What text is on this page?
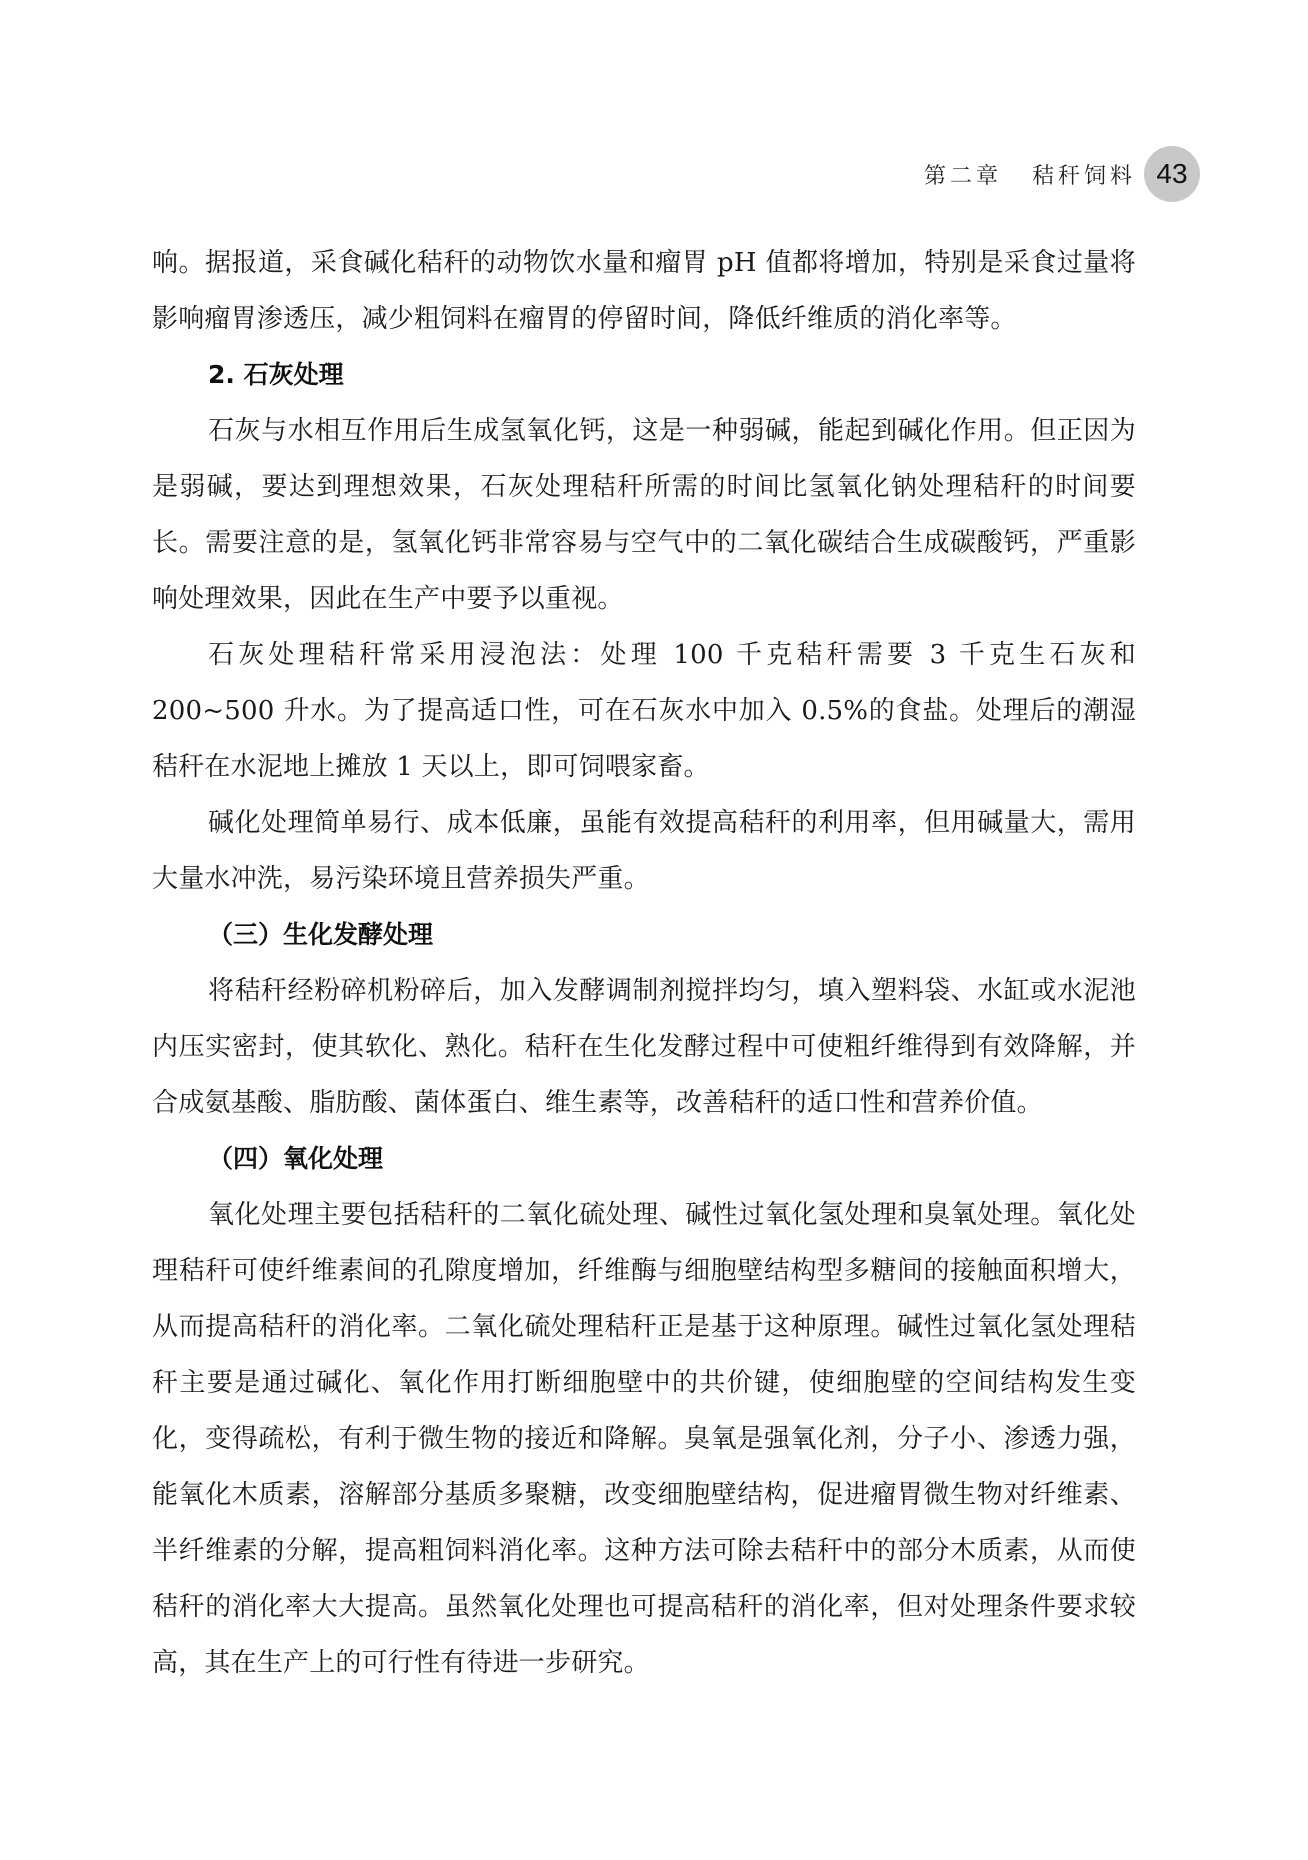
第二章 秸秆饲料 43

响。据报道，采食碱化秸秆的动物饮水量和瘤胃 pH 值都将增加，特别是采食过量将影响瘤胃渗透压，减少粗饲料在瘤胃的停留时间，降低纤维质的消化率等。

2. 石灰处理

石灰与水相互作用后生成氢氧化钙，这是一种弱碱，能起到碱化作用。但正因为是弱碱，要达到理想效果，石灰处理秸秆所需的时间比氢氧化钠处理秸秆的时间要长。需要注意的是，氢氧化钙非常容易与空气中的二氧化碳结合生成碳酸钙，严重影响处理效果，因此在生产中要予以重视。

石灰处理秸秆常采用浸泡法：处理 100 千克秸秆需要 3 千克生石灰和 200~500 升水。为了提高适口性，可在石灰水中加入 0.5%的食盐。处理后的潮湿秸秆在水泥地上摊放 1 天以上，即可饲喂家畜。

碱化处理简单易行、成本低廉，虽能有效提高秸秆的利用率，但用碱量大，需用大量水冲洗，易污染环境且营养损失严重。

（三）生化发酵处理

将秸秆经粉碎机粉碎后，加入发酵调制剂搅拌均匀，填入塑料袋、水缸或水泥池内压实密封，使其软化、熟化。秸秆在生化发酵过程中可使粗纤维得到有效降解，并合成氨基酸、脂肪酸、菌体蛋白、维生素等，改善秸秆的适口性和营养价值。

（四）氧化处理

氧化处理主要包括秸秆的二氧化硫处理、碱性过氧化氢处理和臭氧处理。氧化处理秸秆可使纤维素间的孔隙度增加，纤维酶与细胞壁结构型多糖间的接触面积增大，从而提高秸秆的消化率。二氧化硫处理秸秆正是基于这种原理。碱性过氧化氢处理秸秆主要是通过碱化、氧化作用打断细胞壁中的共价键，使细胞壁的空间结构发生变化，变得疏松，有利于微生物的接近和降解。臭氧是强氧化剂，分子小、渗透力强，能氧化木质素，溶解部分基质多聚糖，改变细胞壁结构，促进瘤胃微生物对纤维素、半纤维素的分解，提高粗饲料消化率。这种方法可除去秸秆中的部分木质素，从而使秸秆的消化率大大提高。虽然氧化处理也可提高秸秆的消化率，但对处理条件要求较高，其在生产上的可行性有待进一步研究。
